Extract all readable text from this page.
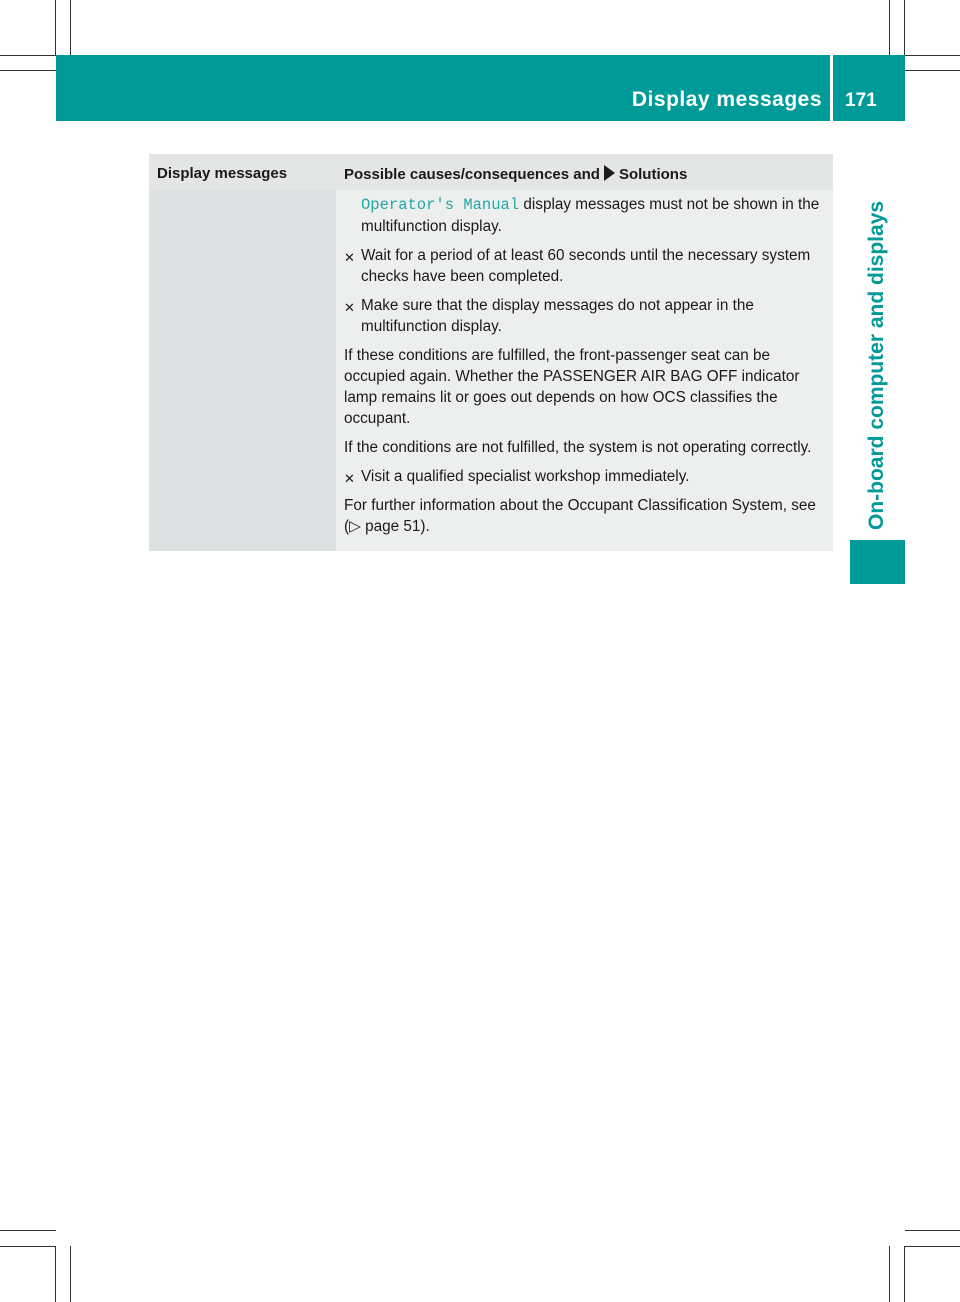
Display messages 171
On-board computer and displays
Display messages	Possible causes/consequences and Solutions

Operator's Manual display messages must not be shown in the multifunction display.

✕ Wait for a period of at least 60 seconds until the necessary system checks have been completed.

✕ Make sure that the display messages do not appear in the multifunction display.

If these conditions are fulfilled, the front-passenger seat can be occupied again. Whether the PASSENGER AIR BAG OFF indicator lamp remains lit or goes out depends on how OCS classifies the occupant.

If the conditions are not fulfilled, the system is not operating correctly.

✕ Visit a qualified specialist workshop immediately.

For further information about the Occupant Classification System, see (▷ page 51).
